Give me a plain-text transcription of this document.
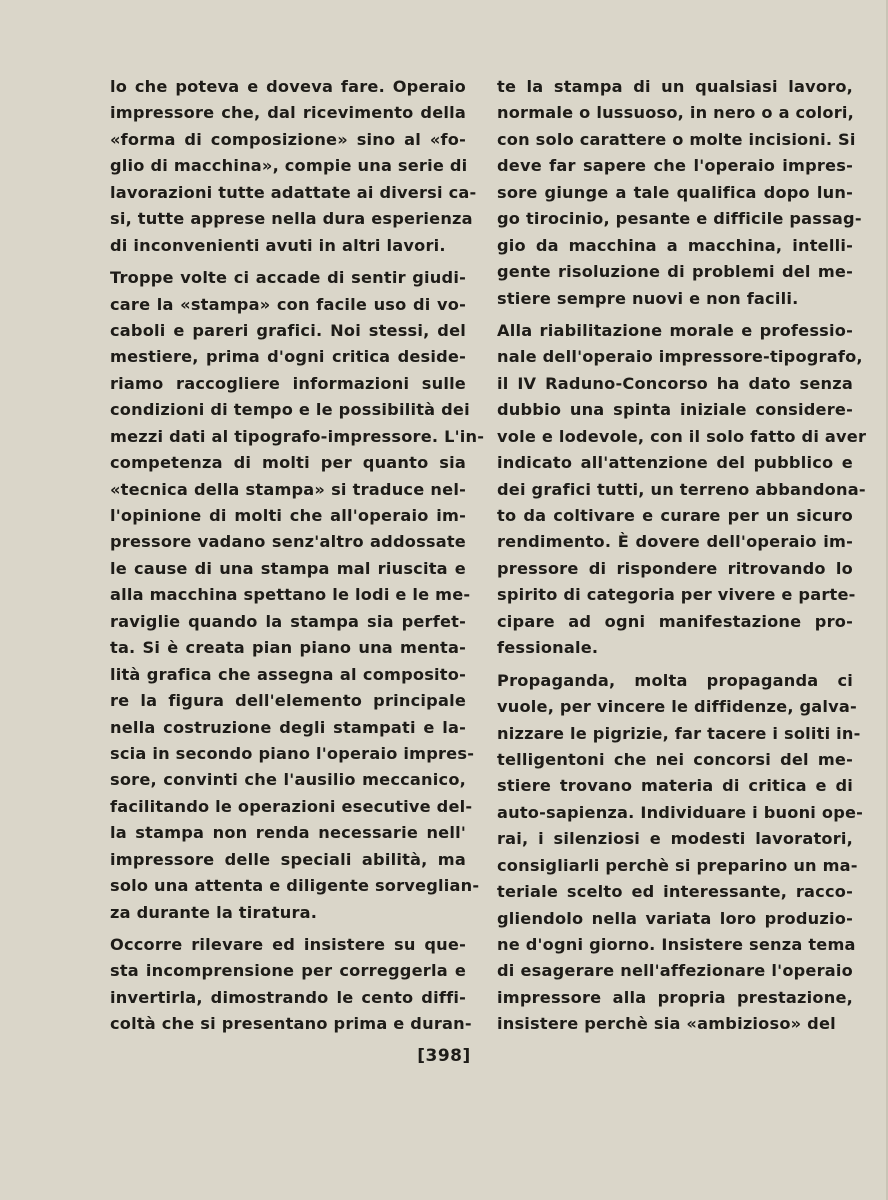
lo che poteva e doveva fare. Operaio
impressore che, dal ricevimento della
«forma di composizione» sino al «fo-
glio di macchina», compie una serie di
lavorazioni tutte adattate ai diversi ca-
si, tutte apprese nella dura esperienza
di inconvenienti avuti in altri lavori.
Troppe volte ci accade di sentir giudi-
care la «stampa» con facile uso di vo-
caboli e pareri grafici. Noi stessi, del
mestiere, prima d'ogni critica deside-
riamo raccogliere informazioni sulle
condizioni di tempo e le possibilità dei
mezzi dati al tipografo-impressore. L'in-
competenza di molti per quanto sia
«tecnica della stampa» si traduce nel-
l'opinione di molti che all'operaio im-
pressore vadano senz'altro addossate
le cause di una stampa mal riuscita e
alla macchina spettano le lodi e le me-
raviglie quando la stampa sia perfet-
ta. Si è creata pian piano una menta-
lità grafica che assegna al composito-
re la figura dell'elemento principale
nella costruzione degli stampati e la-
scia in secondo piano l'operaio impres-
sore, convinti che l'ausilio meccanico,
facilitando le operazioni esecutive del-
la stampa non renda necessarie nell'
impressore delle speciali abilità, ma
solo una attenta e diligente sorveglian-
za durante la tiratura.
Occorre rilevare ed insistere su que-
sta incomprensione per correggerla e
invertirla, dimostrando le cento diffi-
coltà che si presentano prima e duran-
te la stampa di un qualsiasi lavoro,
normale o lussuoso, in nero o a colori,
con solo carattere o molte incisioni. Si
deve far sapere che l'operaio impres-
sore giunge a tale qualifica dopo lun-
go tirocinio, pesante e difficile passag-
gio da macchina a macchina, intelli-
gente risoluzione di problemi del me-
stiere sempre nuovi e non facili.
Alla riabilitazione morale e professio-
nale dell'operaio impressore-tipografo,
il IV Raduno-Concorso ha dato senza
dubbio una spinta iniziale considere-
vole e lodevole, con il solo fatto di aver
indicato all'attenzione del pubblico e
dei grafici tutti, un terreno abbandona-
to da coltivare e curare per un sicuro
rendimento. È dovere dell'operaio im-
pressore di rispondere ritrovando lo
spirito di categoria per vivere e parte-
cipare ad ogni manifestazione pro-
fessionale.
Propaganda, molta propaganda ci
vuole, per vincere le diffidenze, galva-
nizzare le pigrizie, far tacere i soliti in-
telligentoni che nei concorsi del me-
stiere trovano materia di critica e di
auto-sapienza. Individuare i buoni ope-
rai, i silenziosi e modesti lavoratori,
consigliarli perchè si preparino un ma-
teriale scelto ed interessante, racco-
gliendolo nella variata loro produzio-
ne d'ogni giorno. Insistere senza tema
di esagerare nell'affezionare l'operaio
impressore alla propria prestazione,
insistere perchè sia «ambizioso» del
[398]
